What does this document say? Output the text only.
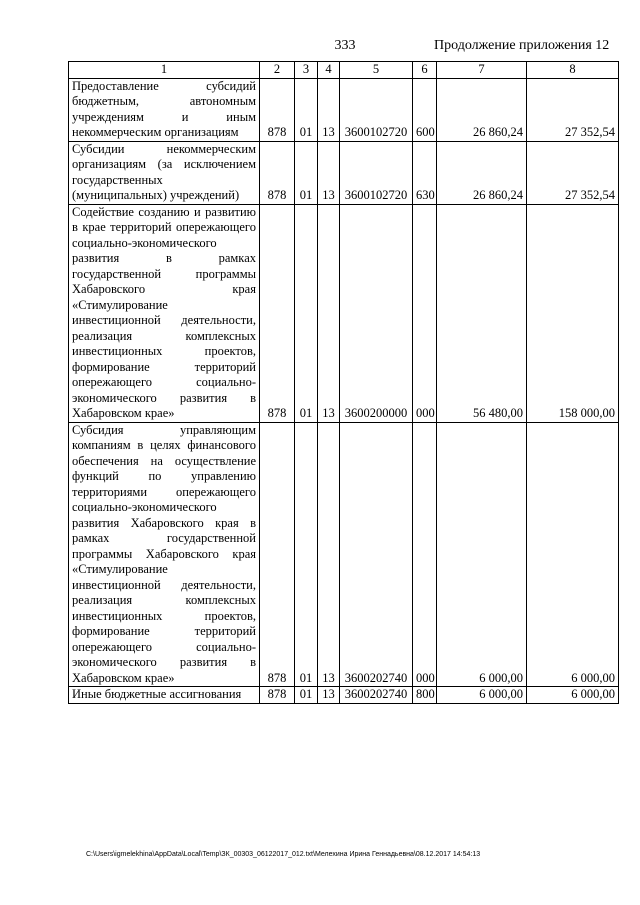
333	Продолжение приложения 12
1	2	3	4	5	6	7	8
Предоставление субсидий бюджетным, автономным учреждениям и иным некоммерческим организациям	878	01	13	3600102720	600	26 860,24	27 352,54
Субсидии некоммерческим организациям (за исключением государственных (муниципальных) учреждений)	878	01	13	3600102720	630	26 860,24	27 352,54
Содействие созданию и развитию в крае территорий опережающего социально-экономического развития в рамках государственной программы Хабаровского края «Стимулирование инвестиционной деятельности, реализация комплексных инвестиционных проектов, формирование территорий опережающего социально-экономического развития в Хабаровском крае»	878	01	13	3600200000	000	56 480,00	158 000,00
Субсидия управляющим компаниям в целях финансового обеспечения на осуществление функций по управлению территориями опережающего социально-экономического развития Хабаровского края в рамках государственной программы Хабаровского края «Стимулирование инвестиционной деятельности, реализация комплексных инвестиционных проектов, формирование территорий опережающего социально-экономического развития в Хабаровском крае»	878	01	13	3600202740	000	6 000,00	6 000,00
Иные бюджетные ассигнования	878	01	13	3600202740	800	6 000,00	6 000,00
C:\Users\igmelekhina\AppData\Local\Temp\ЗК_00303_06122017_012.txt\Мелехина Ирина Геннадьевна\08.12.2017 14:54:13
